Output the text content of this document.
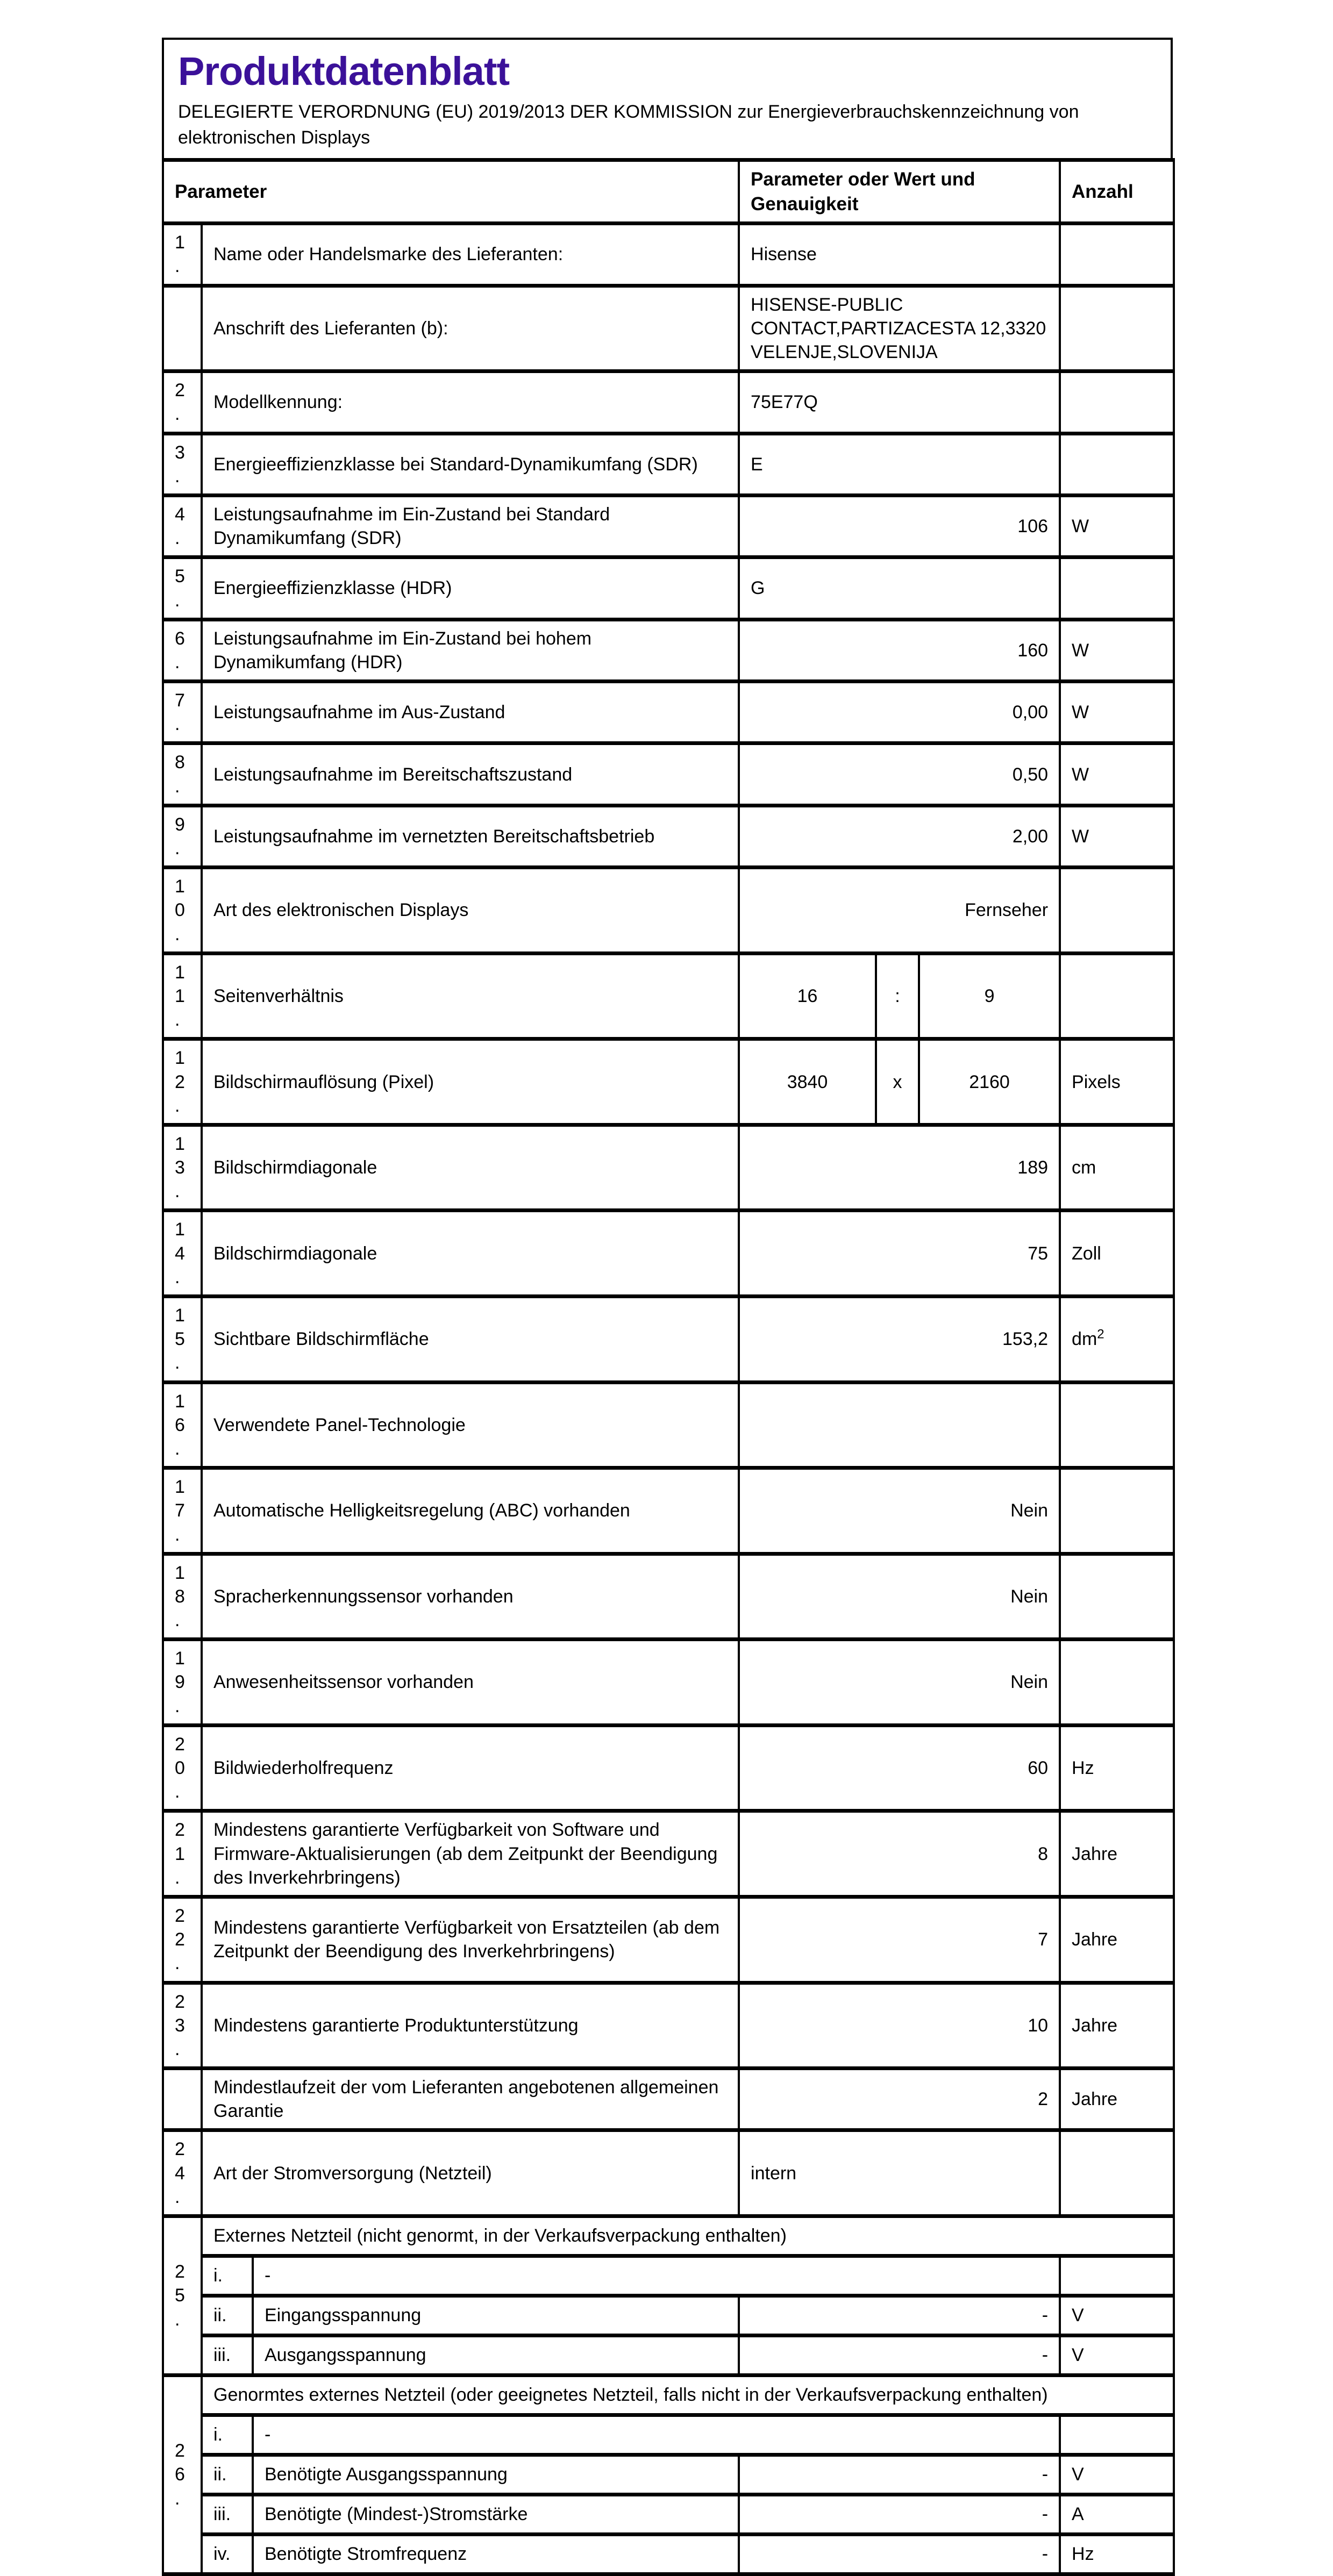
Produktdatenblatt
DELEGIERTE VERORDNUNG (EU) 2019/2013 DER KOMMISSION zur Energieverbrauchskennzeichnung von elektronischen Displays
Parameter			Parameter oder Wert und Genauigkeit			Anzahl
1.	Name oder Handelsmarke des Lieferanten:		Hisense			
	Anschrift des Lieferanten (b):		HISENSE-PUBLIC CONTACT,PARTIZACESTA 12,3320 VELENJE,SLOVENIJA			
2.	Modellkennung:		75E77Q			
3.	Energieeffizienzklasse bei Standard-Dynamikumfang (SDR)		E			
4.	Leistungsaufnahme im Ein-Zustand bei Standard Dynamikumfang (SDR)		106			W
5.	Energieeffizienzklasse (HDR)		G			
6.	Leistungsaufnahme im Ein-Zustand bei hohem Dynamikumfang (HDR)		160			W
7.	Leistungsaufnahme im Aus-Zustand		0,00			W
8.	Leistungsaufnahme im Bereitschaftszustand		0,50			W
9.	Leistungsaufnahme im vernetzten Bereitschaftsbetrieb		2,00			W
10.	Art des elektronischen Displays		Fernseher			
11.	Seitenverhältnis		16	:	9	
12.	Bildschirmauflösung (Pixel)		3840	x	2160	Pixels
13.	Bildschirmdiagonale		189			cm
14.	Bildschirmdiagonale		75			Zoll
15.	Sichtbare Bildschirmfläche		153,2			$dm^2$
16.	Verwendete Panel-Technologie					
17.	Automatische Helligkeitsregelung (ABC) vorhanden		Nein			
18.	Spracherkennungssensor vorhanden		Nein			
19.	Anwesenheitssensor vorhanden		Nein			
20.	Bildwiederholfrequenz		60			Hz
21.	Mindestens garantierte Verfügbarkeit von Software und Firmware-Aktualisierungen (ab dem Zeitpunkt der Beendigung des Inverkehrbringens)		8			Jahre
22.	Mindestens garantierte Verfügbarkeit von Ersatzteilen (ab dem Zeitpunkt der Beendigung des Inverkehrbringens)		7			Jahre
23.	Mindestens garantierte Produktunterstützung		10			Jahre
	Mindestlaufzeit der vom Lieferanten angebotenen allgemeinen Garantie		2			Jahre
24.	Art der Stromversorgung (Netzteil)		intern			
25.	Externes Netzteil (nicht genormt, in der Verkaufsverpackung enthalten)					
	i.	-				
	ii.	Eingangsspannung	-			V
	iii.	Ausgangsspannung	-			V
26.	Genormtes externes Netzteil (oder geeignetes Netzteil, falls nicht in der Verkaufsverpackung enthalten)					
	i.	-				
	ii.	Benötigte Ausgangsspannung	-			V
	iii.	Benötigte (Mindest-)Stromstärke	-			A
	iv.	Benötigte Stromfrequenz	-			Hz
